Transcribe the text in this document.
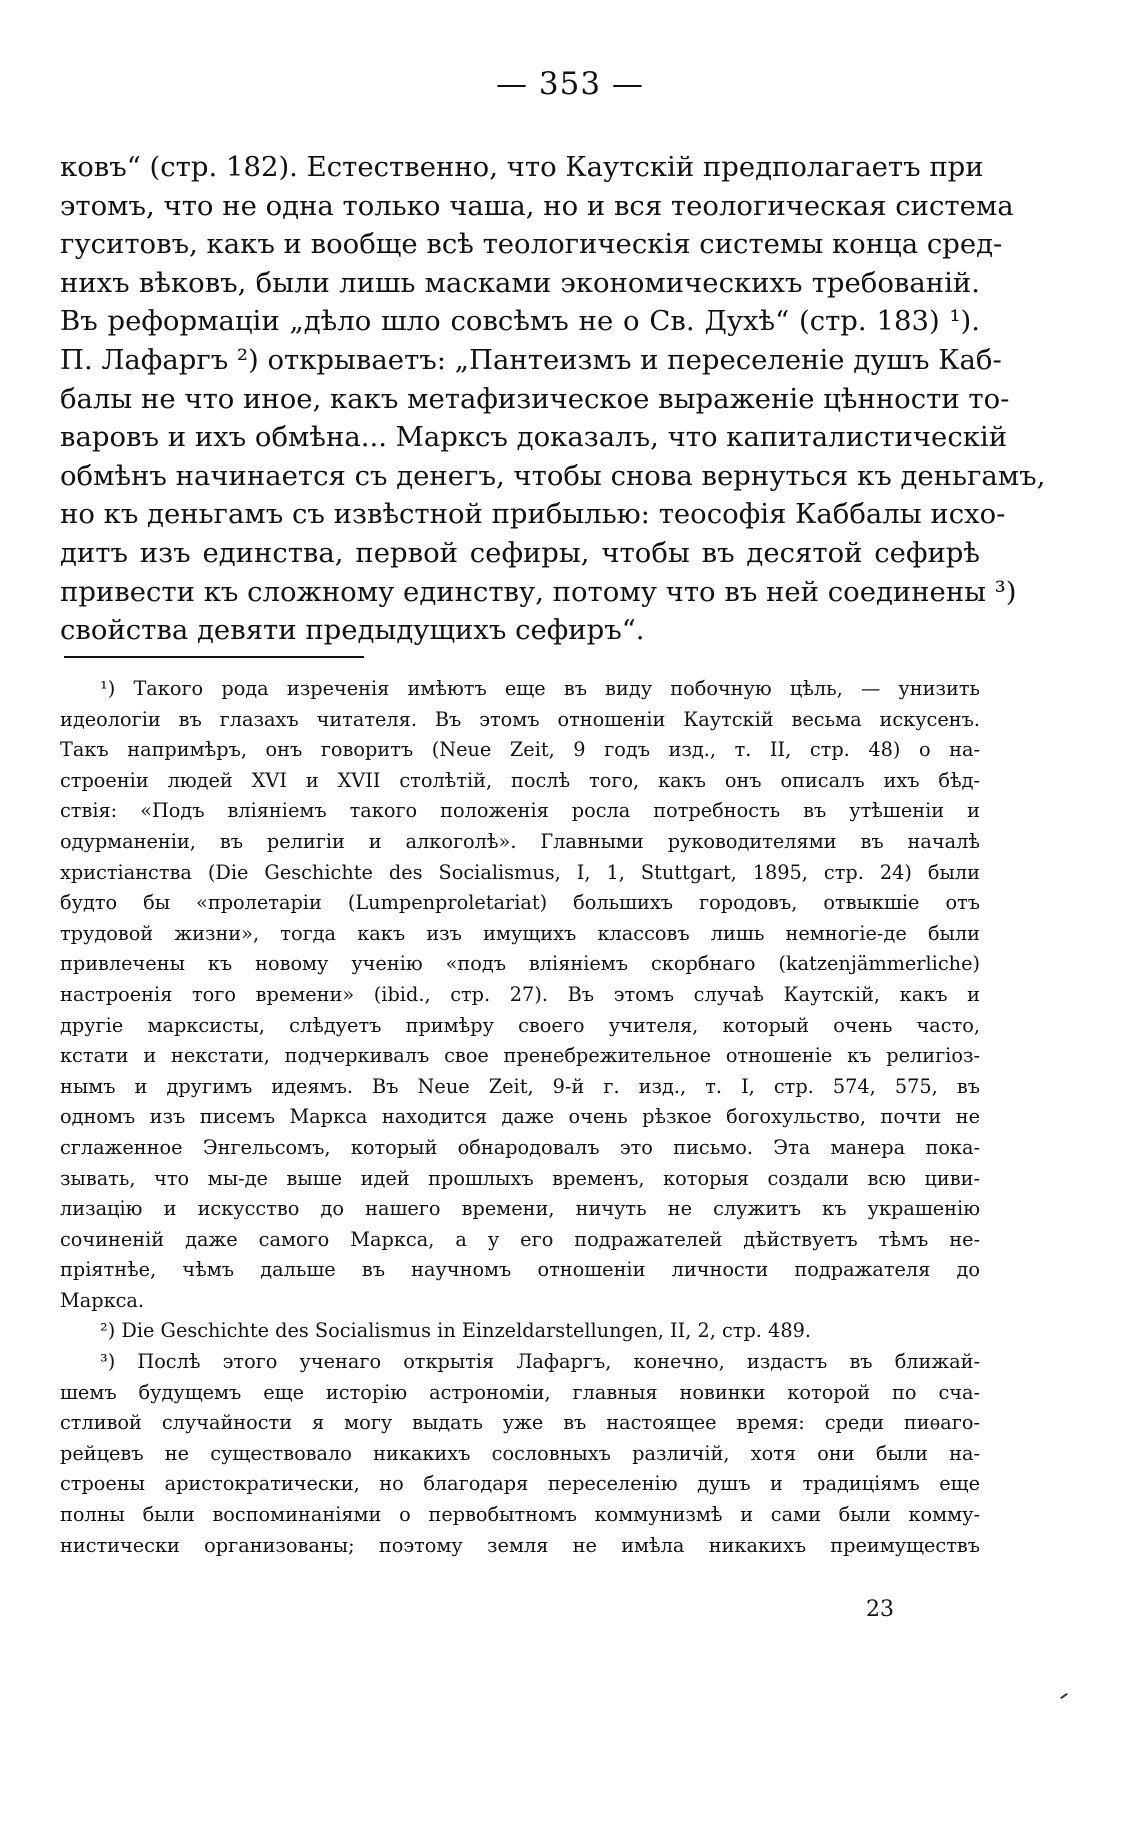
— 353 —
ковъ“ (стр. 182). Естественно, что Каутскій предполагаетъ при
этомъ, что не одна только чаша, но и вся теологическая система
гуситовъ, какъ и вообще всѣ теологическія системы конца сред-
нихъ вѣковъ, были лишь масками экономическихъ требованій.
Въ реформаціи „дѣло шло совсѣмъ не о Св. Духѣ“ (стр. 183) ¹).
П. Лафаргъ ²) открываетъ: „Пантеизмъ и переселеніе душъ Каб-
балы не что иное, какъ метафизическое выраженіе цѣнности то-
варовъ и ихъ обмѣна... Марксъ доказалъ, что капиталистическій
обмѣнъ начинается съ денегъ, чтобы снова вернуться къ деньгамъ,
но къ деньгамъ съ извѣстной прибылью: теософія Каббалы исхо-
дитъ изъ единства, первой сефиры, чтобы въ десятой сефирѣ
привести къ сложному единству, потому что въ ней соединены ³)
свойства девяти предыдущихъ сефиръ“.
¹) Такого рода изреченія имѣютъ еще въ виду побочную цѣль, — унизить
идеологіи въ глазахъ читателя. Въ этомъ отношеніи Каутскій весьма искусенъ.
Такъ напримѣръ, онъ говоритъ (Neue Zeit, 9 годъ изд., т. II, стр. 48) о на-
строеніи людей XVI и XVII столѣтій, послѣ того, какъ онъ описалъ ихъ бѣд-
ствія: «Подъ вліяніемъ такого положенія росла потребность въ утѣшеніи и
одурманеніи, въ религіи и алкоголѣ». Главными руководителями въ началѣ
христіанства (Die Geschichte des Socialismus, I, 1, Stuttgart, 1895, стр. 24) были
будто бы «пролетаріи (Lumpenproletariat) большихъ городовъ, отвыкшіе отъ
трудовой жизни», тогда какъ изъ имущихъ классовъ лишь немногіе-де были
привлечены къ новому ученію «подъ вліяніемъ скорбнаго (katzenjämmerliche)
настроенія того времени» (ibid., стр. 27). Въ этомъ случаѣ Каутскій, какъ и
другіе марксисты, слѣдуетъ примѣру своего учителя, который очень часто,
кстати и некстати, подчеркивалъ свое пренебрежительное отношеніе къ религіоз-
нымъ и другимъ идеямъ. Въ Neue Zeit, 9-й г. изд., т. I, стр. 574, 575, въ
одномъ изъ писемъ Маркса находится даже очень рѣзкое богохульство, почти не
сглаженное Энгельсомъ, который обнародовалъ это письмо. Эта манера пока-
зывать, что мы-де выше идей прошлыхъ временъ, которыя создали всю циви-
лизацію и искусство до нашего времени, ничуть не служитъ къ украшенію
сочиненій даже самого Маркса, а у его подражателей дѣйствуетъ тѣмъ не-
пріятнѣе, чѣмъ дальше въ научномъ отношеніи личности подражателя до
Маркса.
²) Die Geschichte des Socialismus in Einzeldarstellungen, II, 2, стр. 489.
³) Послѣ этого ученаго открытія Лафаргъ, конечно, издастъ въ ближай-
шемъ будущемъ еще исторію астрономіи, главныя новинки которой по сча-
стливой случайности я могу выдать уже въ настоящее время: среди пиѳаго-
рейцевъ не существовало никакихъ сословныхъ различій, хотя они были на-
строены аристократически, но благодаря переселенію душъ и традиціямъ еще
полны были воспоминаніями о первобытномъ коммунизмѣ и сами были комму-
нистически организованы; поэтому земля не имѣла никакихъ преимуществъ
23
